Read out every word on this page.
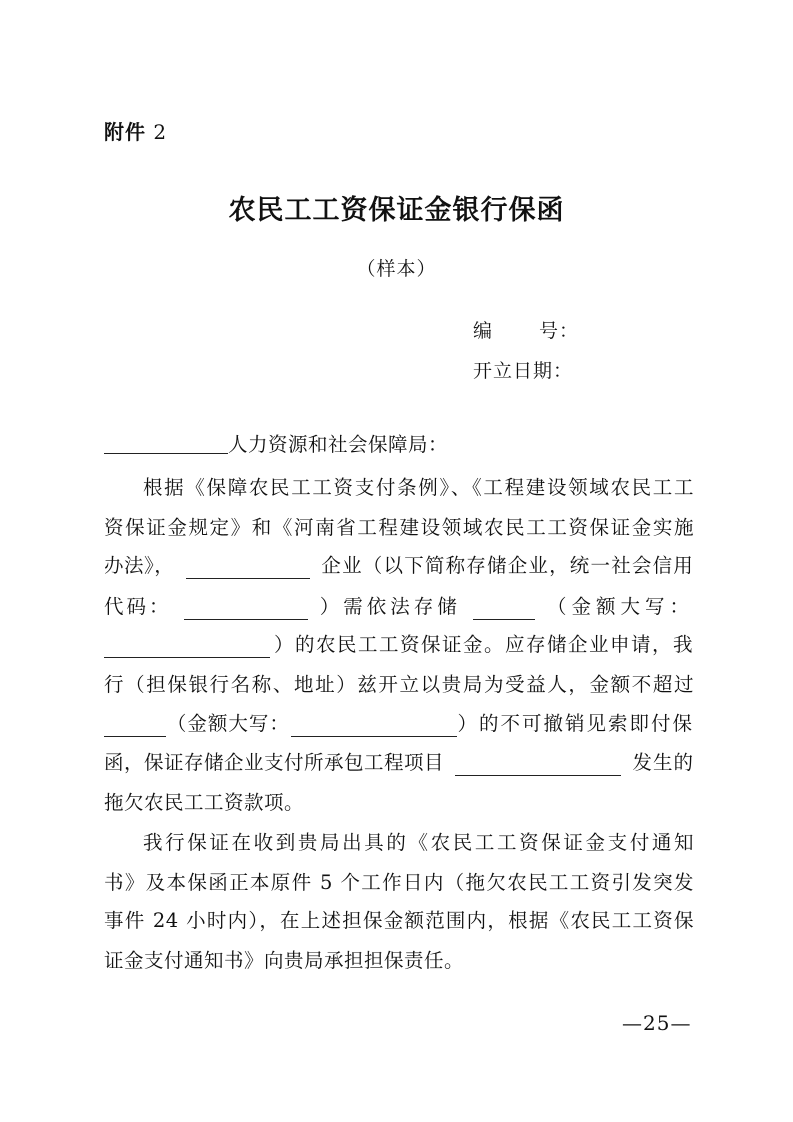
附件 2
农民工工资保证金银行保函
（样本）
编 号：
开立日期：
人力资源和社会保障局：
根据《保障农民工工资支付条例》、《工程建设领域农民工工
资保证金规定》和《河南省工程建设领域农民工工资保证金实施
办法》，	企业（以下简称存储企业，统一社会信用
代码：	）需依法存储	（金额大写：
）的农民工工资保证金。应存储企业申请，我
行（担保银行名称、地址）兹开立以贵局为受益人，金额不超过
（金额大写：	）的不可撤销见索即付保
函，保证存储企业支付所承包工程项目	发生的
拖欠农民工工资款项。
我行保证在收到贵局出具的《农民工工资保证金支付通知
书》及本保函正本原件 5 个工作日内（拖欠农民工工资引发突发
事件 24 小时内），在上述担保金额范围内，根据《农民工工资保
证金支付通知书》向贵局承担担保责任。
—25—
